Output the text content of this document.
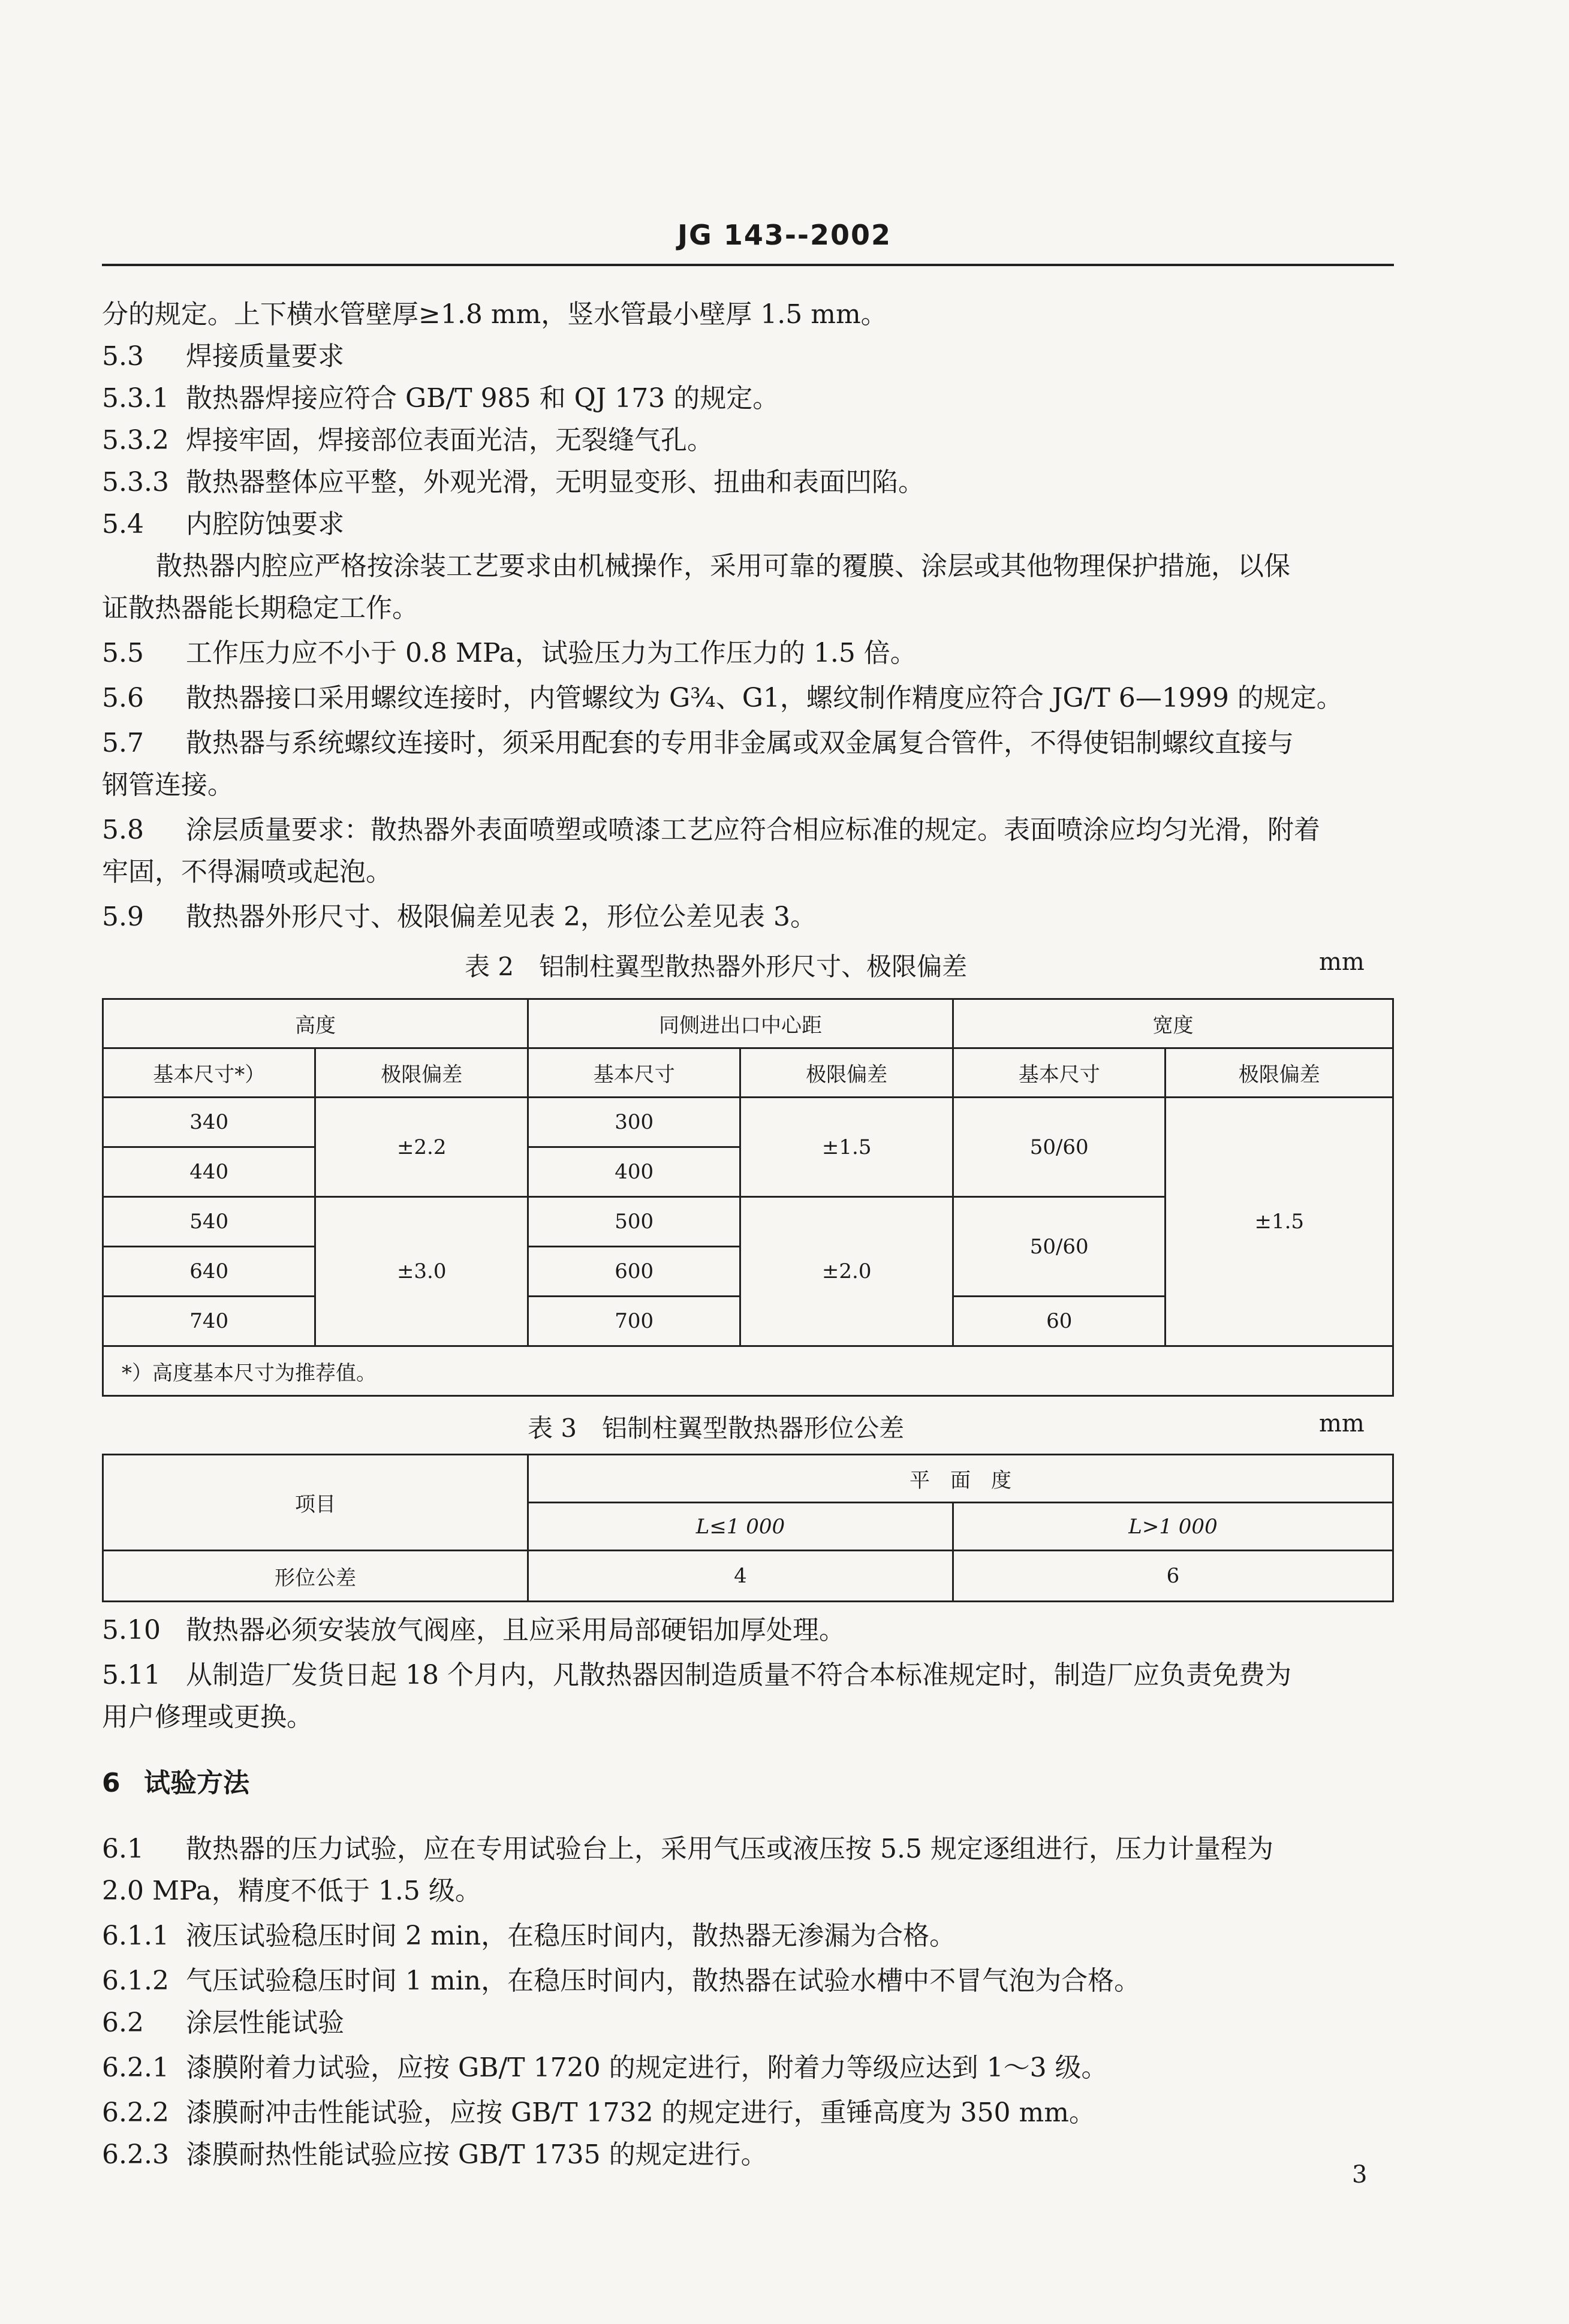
JG 143--2002
分的规定。上下横水管壁厚≥1.8 mm，竖水管最小壁厚 1.5 mm。
5.3 焊接质量要求
5.3.1 散热器焊接应符合 GB/T 985 和 QJ 173 的规定。
5.3.2 焊接牢固，焊接部位表面光洁，无裂缝气孔。
5.3.3 散热器整体应平整，外观光滑，无明显变形、扭曲和表面凹陷。
5.4 内腔防蚀要求
散热器内腔应严格按涂装工艺要求由机械操作，采用可靠的覆膜、涂层或其他物理保护措施，以保
证散热器能长期稳定工作。
5.5 工作压力应不小于 0.8 MPa，试验压力为工作压力的 1.5 倍。
5.6 散热器接口采用螺纹连接时，内管螺纹为 G¾、G1，螺纹制作精度应符合 JG/T 6—1999 的规定。
5.7 散热器与系统螺纹连接时，须采用配套的专用非金属或双金属复合管件，不得使铝制螺纹直接与
钢管连接。
5.8 涂层质量要求：散热器外表面喷塑或喷漆工艺应符合相应标准的规定。表面喷涂应均匀光滑，附着
牢固，不得漏喷或起泡。
5.9 散热器外形尺寸、极限偏差见表 2，形位公差见表 3。
表 2　铝制柱翼型散热器外形尺寸、极限偏差	mm
高度		同侧进出口中心距		宽度	
基本尺寸*）	极限偏差	基本尺寸	极限偏差	基本尺寸	极限偏差
340	±2.2	300	±1.5	50/60	±1.5
440		400			
540	±3.0	500	±2.0	50/60	
640		600			
740		700		60	
*）高度基本尺寸为推荐值。					
表 3　铝制柱翼型散热器形位公差	mm
项目	平　面　度	
	L≤1 000	L>1 000
形位公差	4	6
5.10 散热器必须安装放气阀座，且应采用局部硬铝加厚处理。
5.11 从制造厂发货日起 18 个月内，凡散热器因制造质量不符合本标准规定时，制造厂应负责免费为
用户修理或更换。
6 试验方法
6.1 散热器的压力试验，应在专用试验台上，采用气压或液压按 5.5 规定逐组进行，压力计量程为
2.0 MPa，精度不低于 1.5 级。
6.1.1 液压试验稳压时间 2 min，在稳压时间内，散热器无渗漏为合格。
6.1.2 气压试验稳压时间 1 min，在稳压时间内，散热器在试验水槽中不冒气泡为合格。
6.2 涂层性能试验
6.2.1 漆膜附着力试验，应按 GB/T 1720 的规定进行，附着力等级应达到 1～3 级。
6.2.2 漆膜耐冲击性能试验，应按 GB/T 1732 的规定进行，重锤高度为 350 mm。
6.2.3 漆膜耐热性能试验应按 GB/T 1735 的规定进行。
3
